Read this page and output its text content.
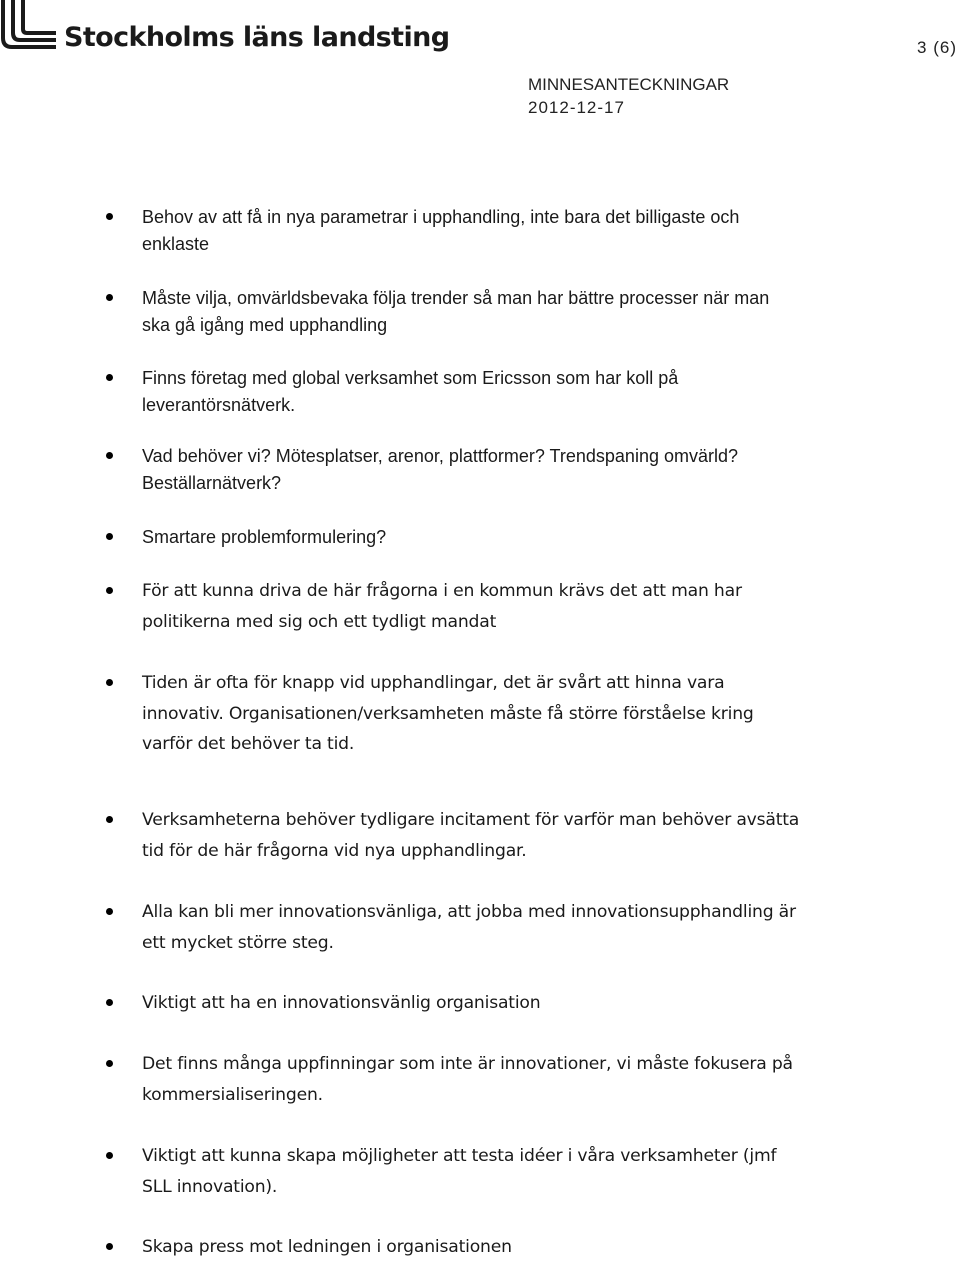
Stockholms läns landsting	3 (6)
MINNESANTECKNINGAR
2012-12-17
Behov av att få in nya parametrar i upphandling, inte bara det billigaste och enklaste
Måste vilja, omvärldsbevaka följa trender så man har bättre processer när man ska gå igång med upphandling
Finns företag med global verksamhet som Ericsson som har koll på leverantörsnätverk.
Vad behöver vi? Mötesplatser, arenor, plattformer? Trendspaning omvärld? Beställarnätverk?
Smartare problemformulering?
För att kunna driva de här frågorna i en kommun krävs det att man har politikerna med sig och ett tydligt mandat
Tiden är ofta för knapp vid upphandlingar, det är svårt att hinna vara innovativ. Organisationen/verksamheten måste få större förståelse kring varför det behöver ta tid.
Verksamheterna behöver tydligare incitament för varför man behöver avsätta tid för de här frågorna vid nya upphandlingar.
Alla kan bli mer innovationsvänliga, att jobba med innovationsupphandling är ett mycket större steg.
Viktigt att ha en innovationsvänlig organisation
Det finns många uppfinningar som inte är innovationer, vi måste fokusera på kommersialiseringen.
Viktigt att kunna skapa möjligheter att testa idéer i våra verksamheter (jmf SLL innovation).
Skapa press mot ledningen i organisationen
